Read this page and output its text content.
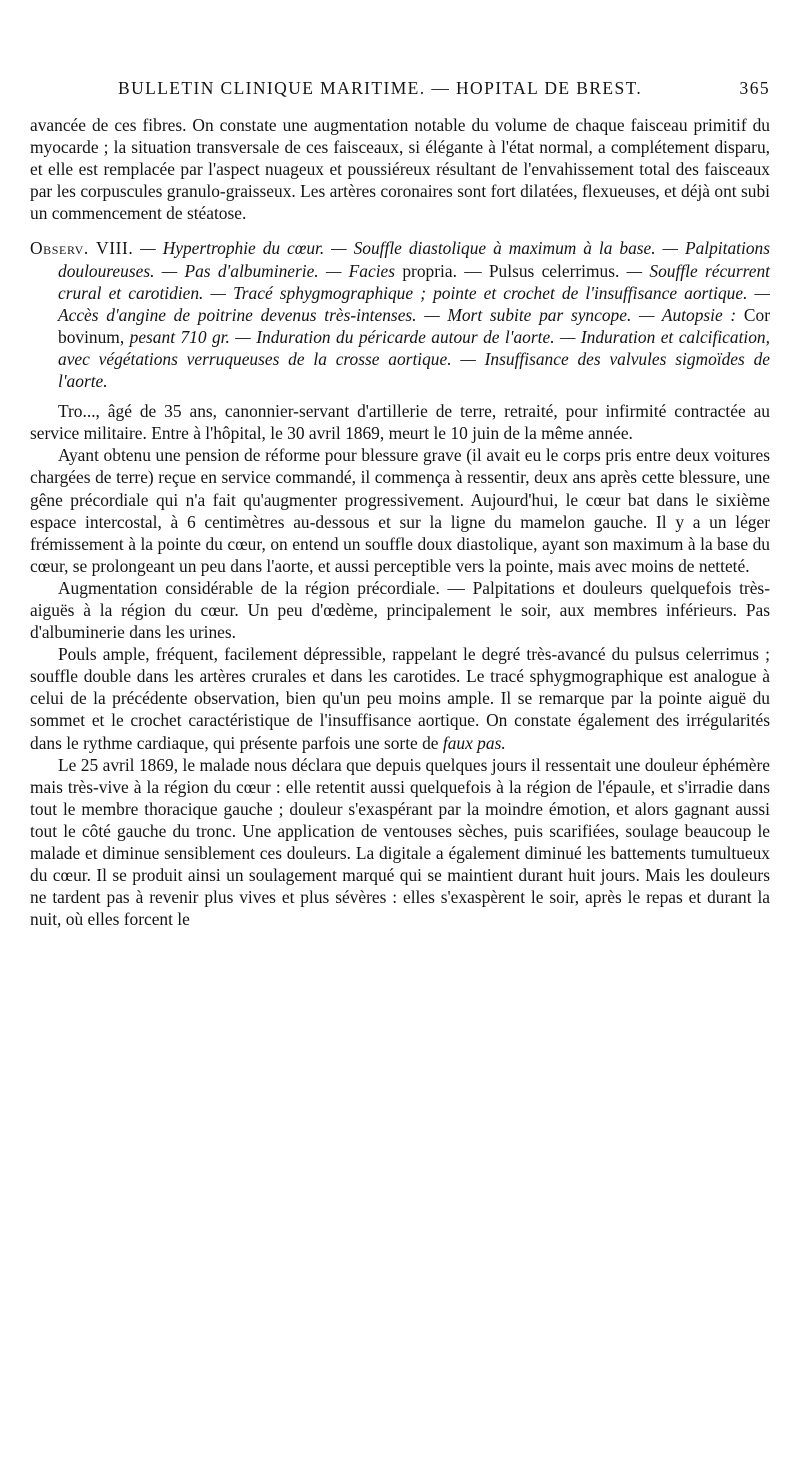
BULLETIN CLINIQUE MARITIME. — HOPITAL DE BREST.	365

avancée de ces fibres. On constate une augmentation notable du volume de chaque faisceau primitif du myocarde ; la situation transversale de ces faisceaux, si élégante à l'état normal, a complétement disparu, et elle est remplacée par l'aspect nuageux et poussiéreux résultant de l'envahissement total des faisceaux par les corpuscules granulo-graisseux. Les artères coronaires sont fort dilatées, flexueuses, et déjà ont subi un commencement de stéatose.

Observ. VIII. — Hypertrophie du cœur. — Souffle diastolique à maximum à la base. — Palpitations douloureuses. — Pas d'albuminerie. — Facies propria. — Pulsus celerrimus. — Souffle récurrent crural et carotidien. — Tracé sphygmographique ; pointe et crochet de l'insuffisance aortique. — Accès d'angine de poitrine devenus très-intenses. — Mort subite par syncope. — Autopsie : Cor bovinum, pesant 710 gr. — Induration du péricarde autour de l'aorte. — Induration et calcification, avec végétations verruqueuses de la crosse aortique. — Insuffisance des valvules sigmoïdes de l'aorte.

Tro..., âgé de 35 ans, canonnier-servant d'artillerie de terre, retraité, pour infirmité contractée au service militaire. Entre à l'hôpital, le 30 avril 1869, meurt le 10 juin de la même année.

Ayant obtenu une pension de réforme pour blessure grave (il avait eu le corps pris entre deux voitures chargées de terre) reçue en service commandé, il commença à ressentir, deux ans après cette blessure, une gêne précordiale qui n'a fait qu'augmenter progressivement. Aujourd'hui, le cœur bat dans le sixième espace intercostal, à 6 centimètres au-dessous et sur la ligne du mamelon gauche. Il y a un léger frémissement à la pointe du cœur, on entend un souffle doux diastolique, ayant son maximum à la base du cœur, se prolongeant un peu dans l'aorte, et aussi perceptible vers la pointe, mais avec moins de netteté.

Augmentation considérable de la région précordiale. — Palpitations et douleurs quelquefois très-aiguës à la région du cœur. Un peu d'œdème, principalement le soir, aux membres inférieurs. Pas d'albuminerie dans les urines.

Pouls ample, fréquent, facilement dépressible, rappelant le degré très-avancé du pulsus celerrimus ; souffle double dans les artères crurales et dans les carotides. Le tracé sphygmographique est analogue à celui de la précédente observation, bien qu'un peu moins ample. Il se remarque par la pointe aiguë du sommet et le crochet caractéristique de l'insuffisance aortique. On constate également des irrégularités dans le rythme cardiaque, qui présente parfois une sorte de faux pas.

Le 25 avril 1869, le malade nous déclara que depuis quelques jours il ressentait une douleur éphémère mais très-vive à la région du cœur : elle retentit aussi quelquefois à la région de l'épaule, et s'irradie dans tout le membre thoracique gauche ; douleur s'exaspérant par la moindre émotion, et alors gagnant aussi tout le côté gauche du tronc. Une application de ventouses sèches, puis scarifiées, soulage beaucoup le malade et diminue sensiblement ces douleurs. La digitale a également diminué les battements tumultueux du cœur. Il se produit ainsi un soulagement marqué qui se maintient durant huit jours. Mais les douleurs ne tardent pas à revenir plus vives et plus sévères : elles s'exaspèrent le soir, après le repas et durant la nuit, où elles forcent le
